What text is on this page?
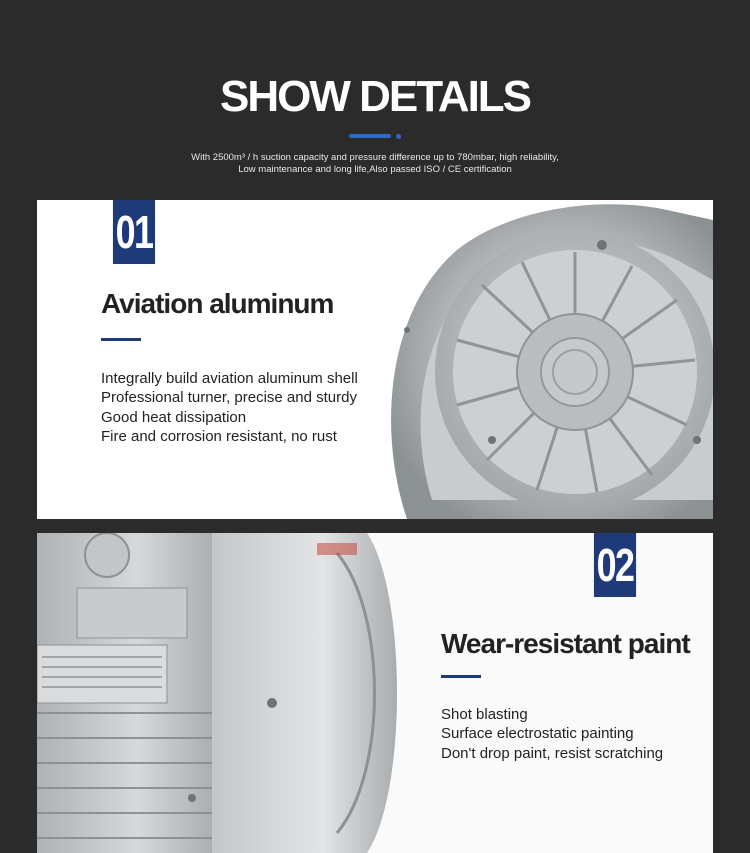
SHOW DETAILS
With 2500m³ / h suction capacity and pressure difference up to 780mbar, high reliability,
Low maintenance and long life,Also passed ISO / CE certification
01
Aviation aluminum
Integrally build aviation aluminum shell
Professional turner, precise and sturdy
Good heat dissipation
Fire and corrosion resistant, no rust
02
Wear-resistant paint
Shot blasting
Surface electrostatic painting
Don't drop paint, resist scratching
